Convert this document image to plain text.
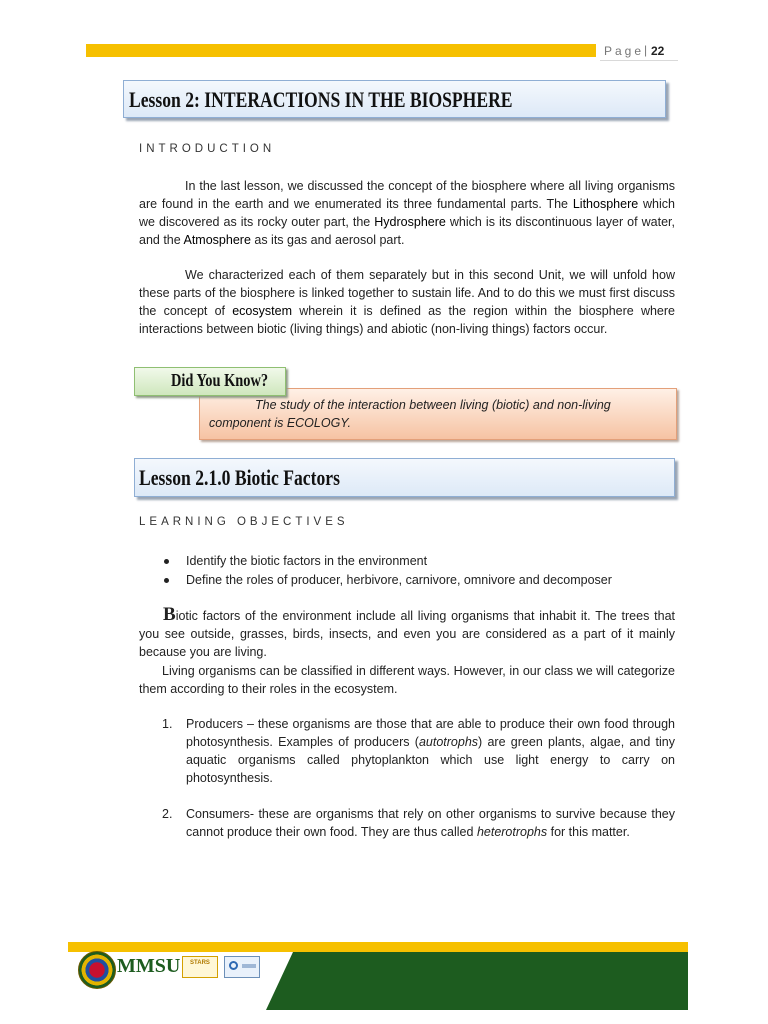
Page | 22
Lesson 2: INTERACTIONS IN THE BIOSPHERE
INTRODUCTION
In the last lesson, we discussed the concept of the biosphere where all living organisms are found in the earth and we enumerated its three fundamental parts. The Lithosphere which we discovered as its rocky outer part, the Hydrosphere which is its discontinuous layer of water, and the Atmosphere as its gas and aerosol part.
We characterized each of them separately but in this second Unit, we will unfold how these parts of the biosphere is linked together to sustain life. And to do this we must first discuss the concept of ecosystem wherein it is defined as the region within the biosphere where interactions between biotic (living things) and abiotic (non-living things) factors occur.
The study of the interaction between living (biotic) and non-living component is ECOLOGY.
Did You Know?
Lesson 2.1.0 Biotic Factors
LEARNING OBJECTIVES
Identify the biotic factors in the environment
Define the roles of producer, herbivore, carnivore, omnivore and decomposer
Biotic factors of the environment include all living organisms that inhabit it. The trees that you see outside, grasses, birds, insects, and even you are considered as a part of it mainly because you are living.
Living organisms can be classified in different ways. However, in our class we will categorize them according to their roles in the ecosystem.
1. Producers – these organisms are those that are able to produce their own food through photosynthesis. Examples of producers (autotrophs) are green plants, algae, and tiny aquatic organisms called phytoplankton which use light energy to carry on photosynthesis.
2. Consumers- these are organisms that rely on other organisms to survive because they cannot produce their own food. They are thus called heterotrophs for this matter.
MMSU	STARS
